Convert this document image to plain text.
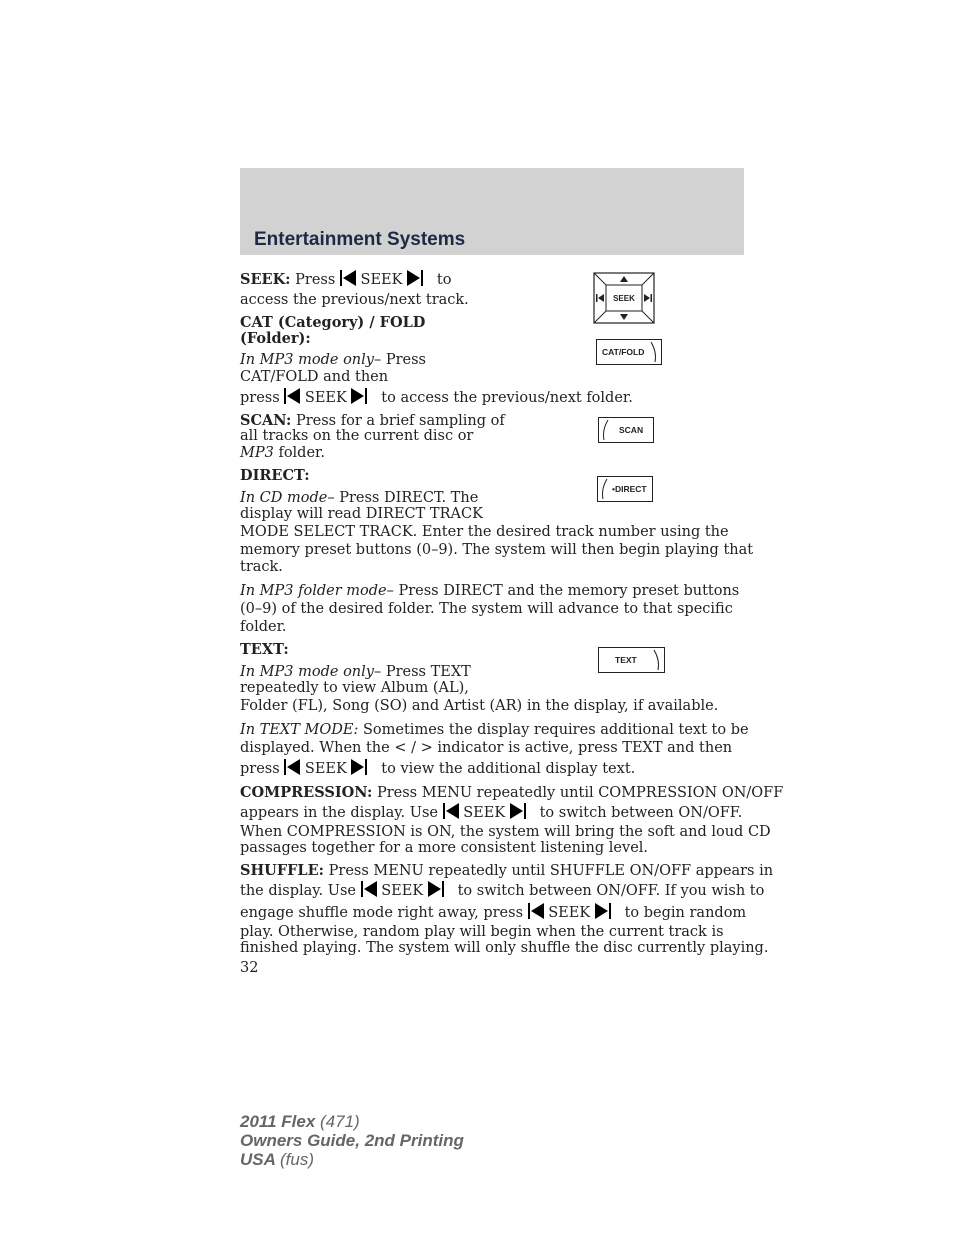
Entertainment Systems
SEEK: Press SEEK to
access the previous/next track.
CAT (Category) / FOLD
(Folder):
In MP3 mode only– Press
CAT/FOLD and then
press SEEK to access the previous/next folder.
SCAN: Press for a brief sampling of
all tracks on the current disc or
MP3 folder.
DIRECT:
In CD mode– Press DIRECT. The
display will read DIRECT TRACK
MODE SELECT TRACK. Enter the desired track number using the
memory preset buttons (0–9). The system will then begin playing that
track.
In MP3 folder mode– Press DIRECT and the memory preset buttons
(0–9) of the desired folder. The system will advance to that specific
folder.
TEXT:
In MP3 mode only– Press TEXT
repeatedly to view Album (AL),
Folder (FL), Song (SO) and Artist (AR) in the display, if available.
In TEXT MODE: Sometimes the display requires additional text to be
displayed. When the < / > indicator is active, press TEXT and then
press SEEK to view the additional display text.
COMPRESSION: Press MENU repeatedly until COMPRESSION ON/OFF
appears in the display. Use SEEK to switch between ON/OFF.
When COMPRESSION is ON, the system will bring the soft and loud CD
passages together for a more consistent listening level.
SHUFFLE: Press MENU repeatedly until SHUFFLE ON/OFF appears in
the display. Use SEEK to switch between ON/OFF. If you wish to
engage shuffle mode right away, press SEEK to begin random
play. Otherwise, random play will begin when the current track is
finished playing. The system will only shuffle the disc currently playing.
32
2011 Flex (471)
Owners Guide, 2nd Printing
USA (fus)
SEEK
CAT/FOLD
SCAN
•DIRECT
TEXT
